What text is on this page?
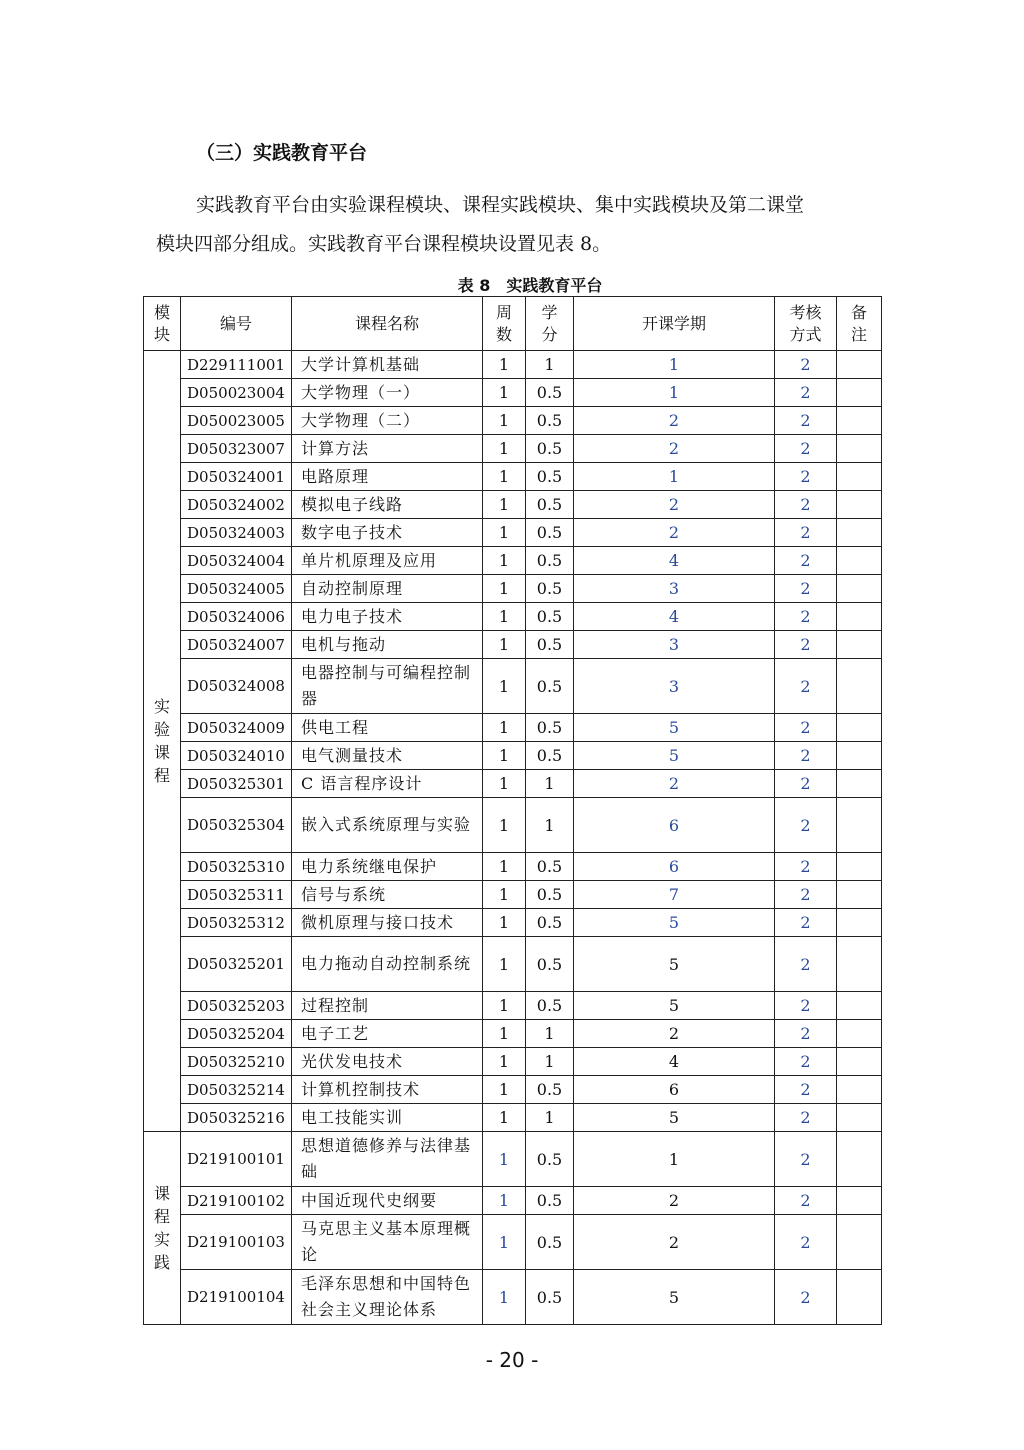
（三）实践教育平台
实践教育平台由实验课程模块、课程实践模块、集中实践模块及第二课堂
模块四部分组成。实践教育平台课程模块设置见表 8。
表 8　实践教育平台
模块	编号	课程名称	周数	学分	开课学期	考核方式	备注
实验课程	D229111001	大学计算机基础	1	1	1	2	
	D050023004	大学物理（一）	1	0.5	1	2	
	D050023005	大学物理（二）	1	0.5	2	2	
	D050323007	计算方法	1	0.5	2	2	
	D050324001	电路原理	1	0.5	1	2	
	D050324002	模拟电子线路	1	0.5	2	2	
	D050324003	数字电子技术	1	0.5	2	2	
	D050324004	单片机原理及应用	1	0.5	4	2	
	D050324005	自动控制原理	1	0.5	3	2	
	D050324006	电力电子技术	1	0.5	4	2	
	D050324007	电机与拖动	1	0.5	3	2	
	D050324008	电器控制与可编程控制器	1	0.5	3	2	
	D050324009	供电工程	1	0.5	5	2	
	D050324010	电气测量技术	1	0.5	5	2	
	D050325301	C 语言程序设计	1	1	2	2	
	D050325304	嵌入式系统原理与实验	1	1	6	2	
	D050325310	电力系统继电保护	1	0.5	6	2	
	D050325311	信号与系统	1	0.5	7	2	
	D050325312	微机原理与接口技术	1	0.5	5	2	
	D050325201	电力拖动自动控制系统	1	0.5	5	2	
	D050325203	过程控制	1	0.5	5	2	
	D050325204	电子工艺	1	1	2	2	
	D050325210	光伏发电技术	1	1	4	2	
	D050325214	计算机控制技术	1	0.5	6	2	
	D050325216	电工技能实训	1	1	5	2	
课程实践	D219100101	思想道德修养与法律基础	1	0.5	1	2	
	D219100102	中国近现代史纲要	1	0.5	2	2	
	D219100103	马克思主义基本原理概论	1	0.5	2	2	
	D219100104	毛泽东思想和中国特色社会主义理论体系	1	0.5	5	2	
- 20 -
